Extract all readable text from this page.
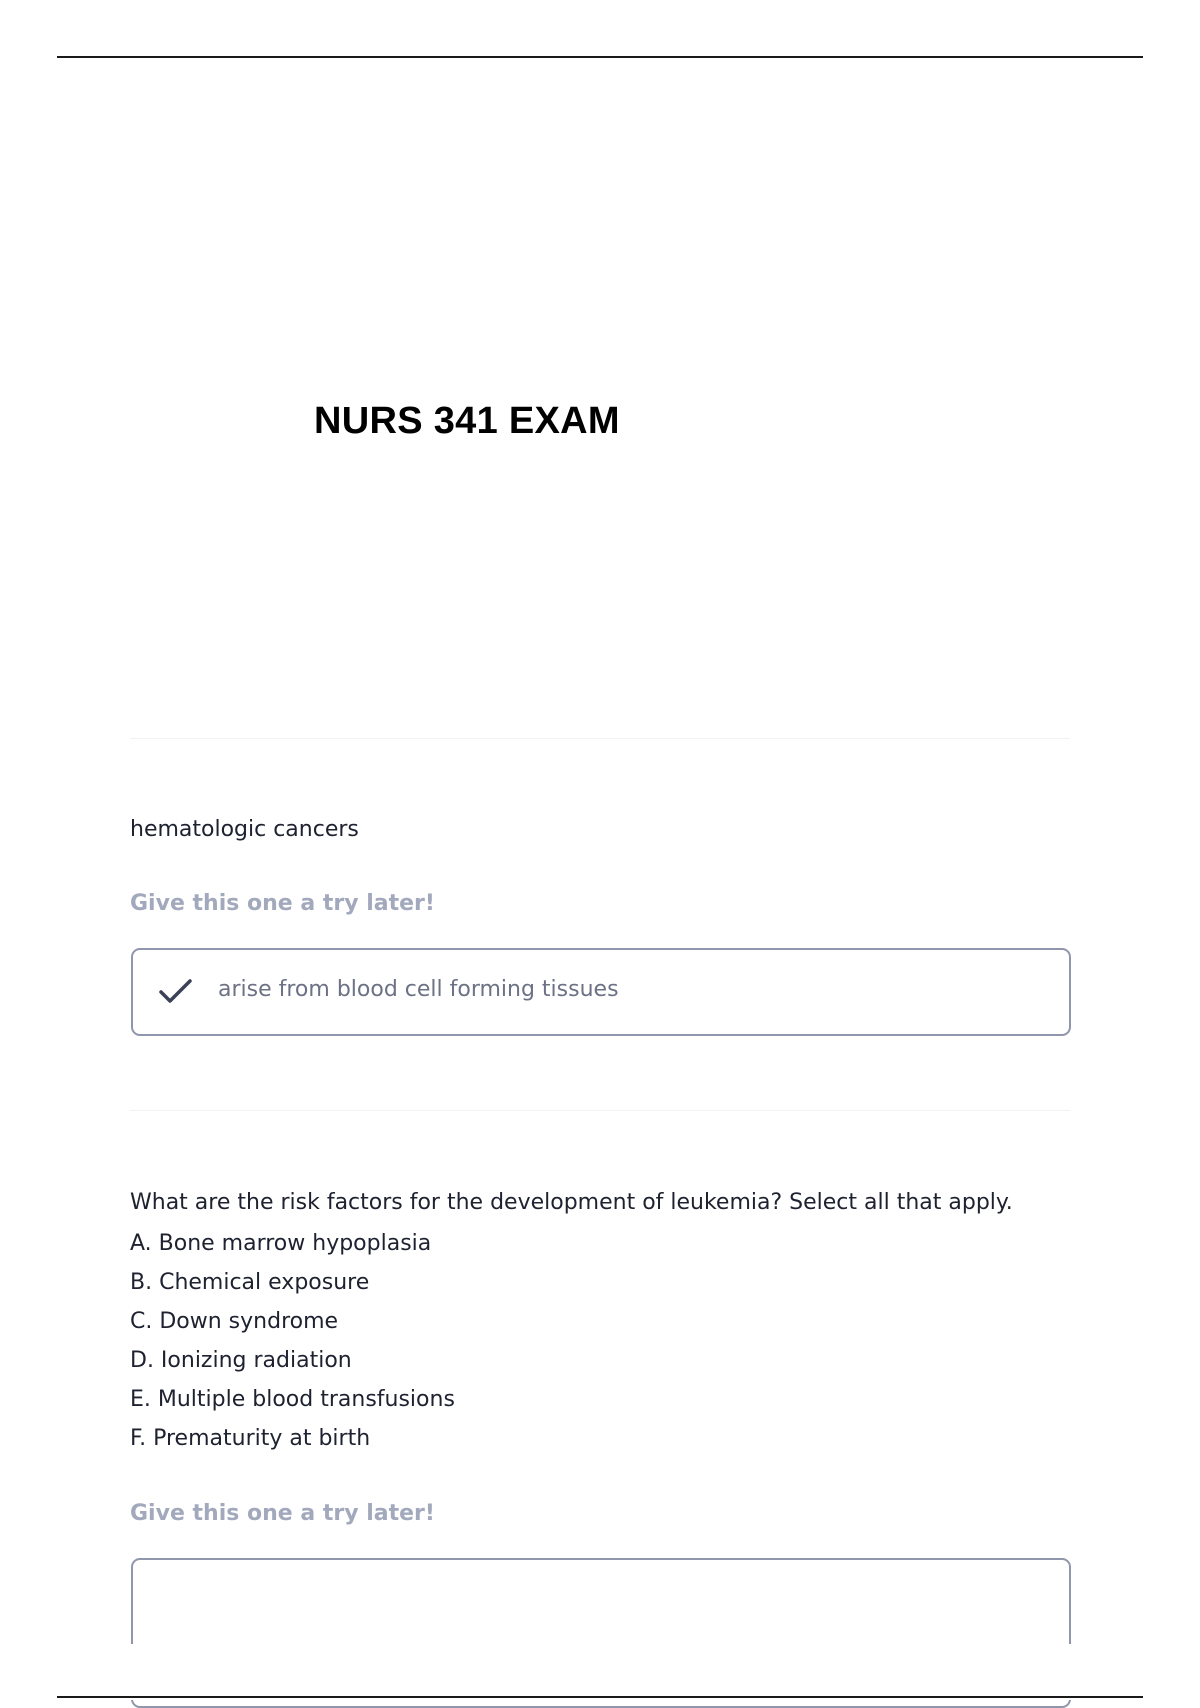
NURS 341 EXAM
hematologic cancers
Give this one a try later!
arise from blood cell forming tissues

What are the risk factors for the development of leukemia? Select all that apply.

A. Bone marrow hypoplasia
B. Chemical exposure
C. Down syndrome
D. Ionizing radiation
E. Multiple blood transfusions
F. Prematurity at birth
Give this one a try later!
